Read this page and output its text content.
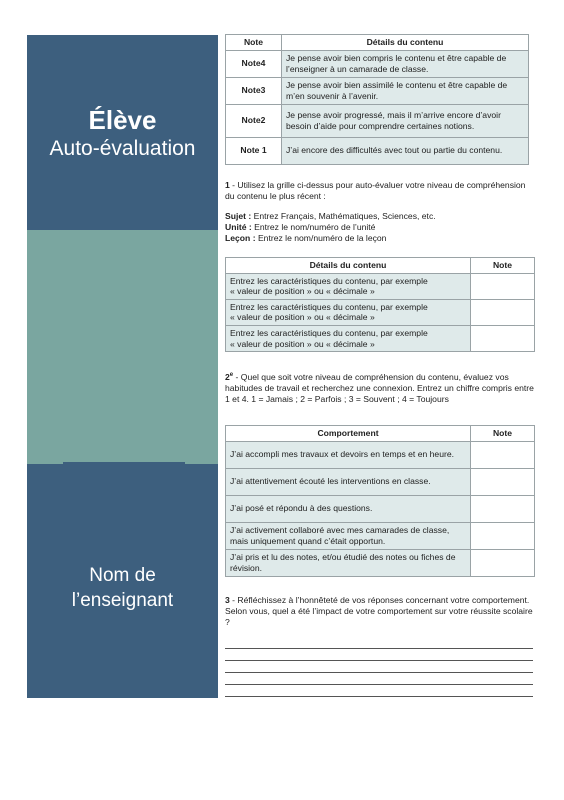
Élève
Auto-évaluation
Nom de
l’enseignant
Note	Détails du contenu
Note4	Je pense avoir bien compris le contenu et être capable de l’enseigner à un camarade de classe.
Note3	Je pense avoir bien assimilé le contenu et être capable de m’en souvenir à l’avenir.
Note2	Je pense avoir progressé, mais il m’arrive encore d’avoir besoin d’aide pour comprendre certaines notions.
Note 1	J’ai encore des difficultés avec tout ou partie du contenu.
1 - Utilisez la grille ci-dessus pour auto-évaluer votre niveau de compréhension du contenu le plus récent :
Sujet : Entrez Français, Mathématiques, Sciences, etc.
Unité : Entrez le nom/numéro de l’unité
Leçon : Entrez le nom/numéro de la leçon
Détails du contenu	Note

Entrez les caractéristiques du contenu, par exemple
« valeur de position » ou « décimale »	

Entrez les caractéristiques du contenu, par exemple
« valeur de position » ou « décimale »	

Entrez les caractéristiques du contenu, par exemple
« valeur de position » ou « décimale »	

2e - Quel que soit votre niveau de compréhension du contenu, évaluez vos habitudes de travail et recherchez une connexion. Entrez un chiffre compris entre 1 et 4. 1 = Jamais ; 2 = Parfois ; 3 = Souvent ; 4 = Toujours
Comportement	Note
J’ai accompli mes travaux et devoirs en temps et en heure.	
J’ai attentivement écouté les interventions en classe.	
J’ai posé et répondu à des questions.	
J’ai activement collaboré avec mes camarades de classe, mais uniquement quand c’était opportun.	
J’ai pris et lu des notes, et/ou étudié des notes ou fiches de révision.	
3 - Réfléchissez à l’honnêteté de vos réponses concernant votre comportement. Selon vous, quel a été l’impact de votre comportement sur votre réussite scolaire ?
